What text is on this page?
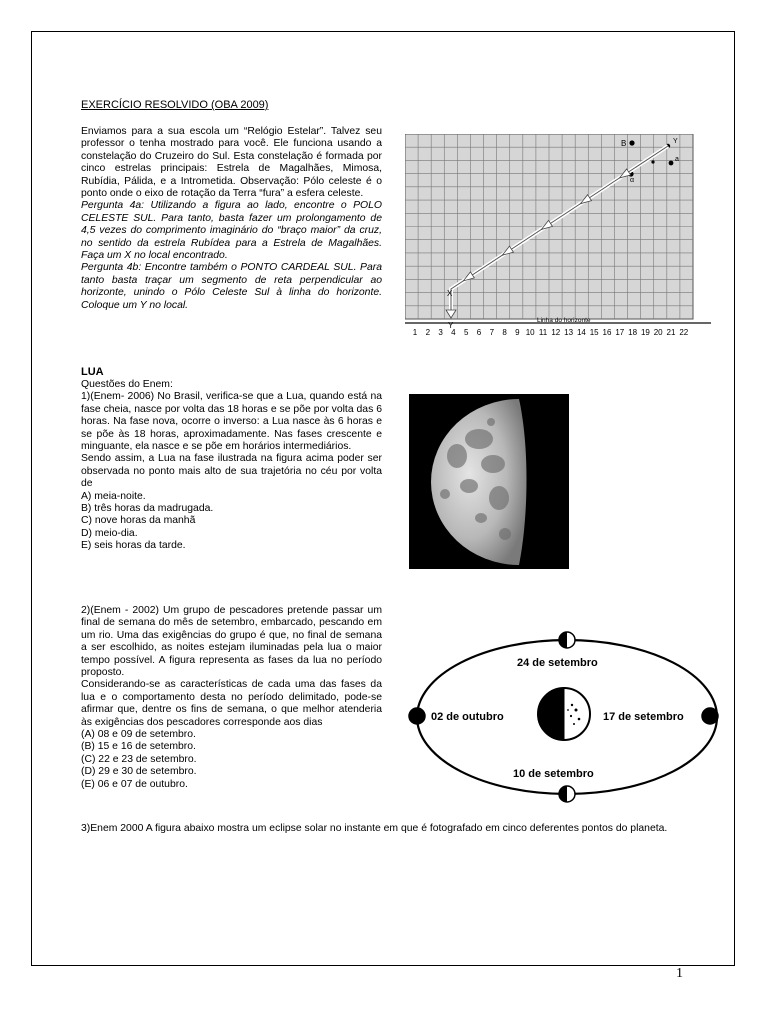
EXERCÍCIO RESOLVIDO (OBA 2009)

Enviamos para a sua escola um “Relógio Estelar”. Talvez seu professor o tenha mostrado para você. Ele funciona usando a constelação do Cruzeiro do Sul. Esta constelação é formada por cinco estrelas principais: Estrela de Magalhães, Mimosa, Rubídia, Pálida, e a Intrometida. Observação: Pólo celeste é o ponto onde o eixo de rotação da Terra “fura” a esfera celeste.

Pergunta 4a: Utilizando a figura ao lado, encontre o POLO CELESTE SUL. Para tanto, basta fazer um prolongamento de 4,5 vezes do comprimento imaginário do “braço maior” da cruz, no sentido da estrela Rubídea para a Estrela de Magalhães. Faça um X no local encontrado.

Pergunta 4b: Encontre também o PONTO CARDEAL SUL. Para tanto basta traçar um segmento de reta perpendicular ao horizonte, unindo o Pólo Celeste Sul à linha do horizonte. Coloque um Y no local.

B	Y
a
α
X
Y
Linha do horizonte
1 2 3 4 5 6 7 8 9 10 11 12 13 14 15 16 17 18 19 20 21 22
LUA

Questões do Enem:

1)(Enem- 2006) No Brasil, verifica-se que a Lua, quando está na fase cheia, nasce por volta das 18 horas e se põe por volta das 6 horas. Na fase nova, ocorre o inverso: a Lua nasce às 6 horas e se põe às 18 horas, aproximadamente. Nas fases crescente e minguante, ela nasce e se põe em horários intermediários.

Sendo assim, a Lua na fase ilustrada na figura acima poder ser observada no ponto mais alto de sua trajetória no céu por volta de

A) meia-noite.

B) três horas da madrugada.

C) nove horas da manhã

D) meio-dia.

E) seis horas da tarde.

2)(Enem - 2002) Um grupo de pescadores pretende passar um final de semana do mês de setembro, embarcado, pescando em um rio. Uma das exigências do grupo é que, no final de semana a ser escolhido, as noites estejam iluminadas pela lua o maior tempo possível. A figura representa as fases da lua no período proposto.

Considerando-se as características de cada uma das fases da lua e o comportamento desta no período delimitado, pode-se afirmar que, dentre os fins de semana, o que melhor atenderia às exigências dos pescadores corresponde aos dias

(A) 08 e 09 de setembro.

(B) 15 e 16 de setembro.

(C) 22 e 23 de setembro.

(D) 29 e 30 de setembro.

(E) 06 e 07 de outubro.

24 de setembro
02 de outubro	17 de setembro
10 de setembro
3)Enem 2000 A figura abaixo mostra um eclipse solar no instante em que é fotografado em cinco deferentes pontos do planeta.
1
